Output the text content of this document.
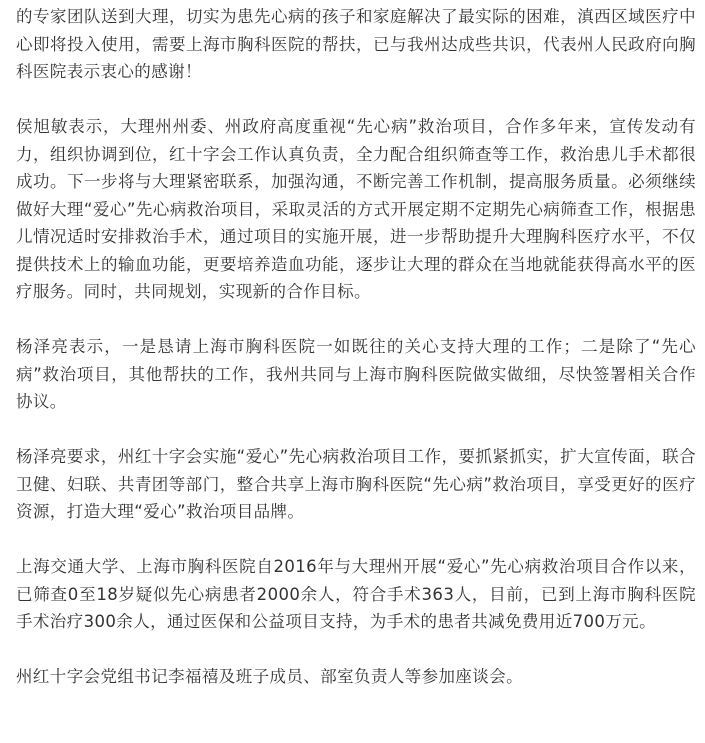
的专家团队送到大理，切实为患先心病的孩子和家庭解决了最实际的困难，滇西区域医疗中心即将投入使用，需要上海市胸科医院的帮扶，已与我州达成些共识，代表州人民政府向胸科医院表示衷心的感谢！

侯旭敏表示，大理州州委、州政府高度重视“先心病”救治项目，合作多年来，宣传发动有力，组织协调到位，红十字会工作认真负责，全力配合组织筛查等工作，救治患儿手术都很成功。下一步将与大理紧密联系，加强沟通，不断完善工作机制，提高服务质量。必须继续做好大理“爱心”先心病救治项目，采取灵活的方式开展定期不定期先心病筛查工作，根据患儿情况适时安排救治手术，通过项目的实施开展，进一步帮助提升大理胸科医疗水平，不仅提供技术上的输血功能，更要培养造血功能，逐步让大理的群众在当地就能获得高水平的医疗服务。同时，共同规划，实现新的合作目标。

杨泽亮表示，一是恳请上海市胸科医院一如既往的关心支持大理的工作；二是除了“先心病”救治项目，其他帮扶的工作，我州共同与上海市胸科医院做实做细，尽快签署相关合作协议。

杨泽亮要求，州红十字会实施“爱心”先心病救治项目工作，要抓紧抓实，扩大宣传面，联合卫健、妇联、共青团等部门，整合共享上海市胸科医院“先心病”救治项目，享受更好的医疗资源，打造大理“爱心”救治项目品牌。

上海交通大学、上海市胸科医院自2016年与大理州开展“爱心”先心病救治项目合作以来，已筛查0至18岁疑似先心病患者2000余人，符合手术363人，目前，已到上海市胸科医院手术治疗300余人，通过医保和公益项目支持，为手术的患者共减免费用近700万元。

州红十字会党组书记李福禧及班子成员、部室负责人等参加座谈会。
